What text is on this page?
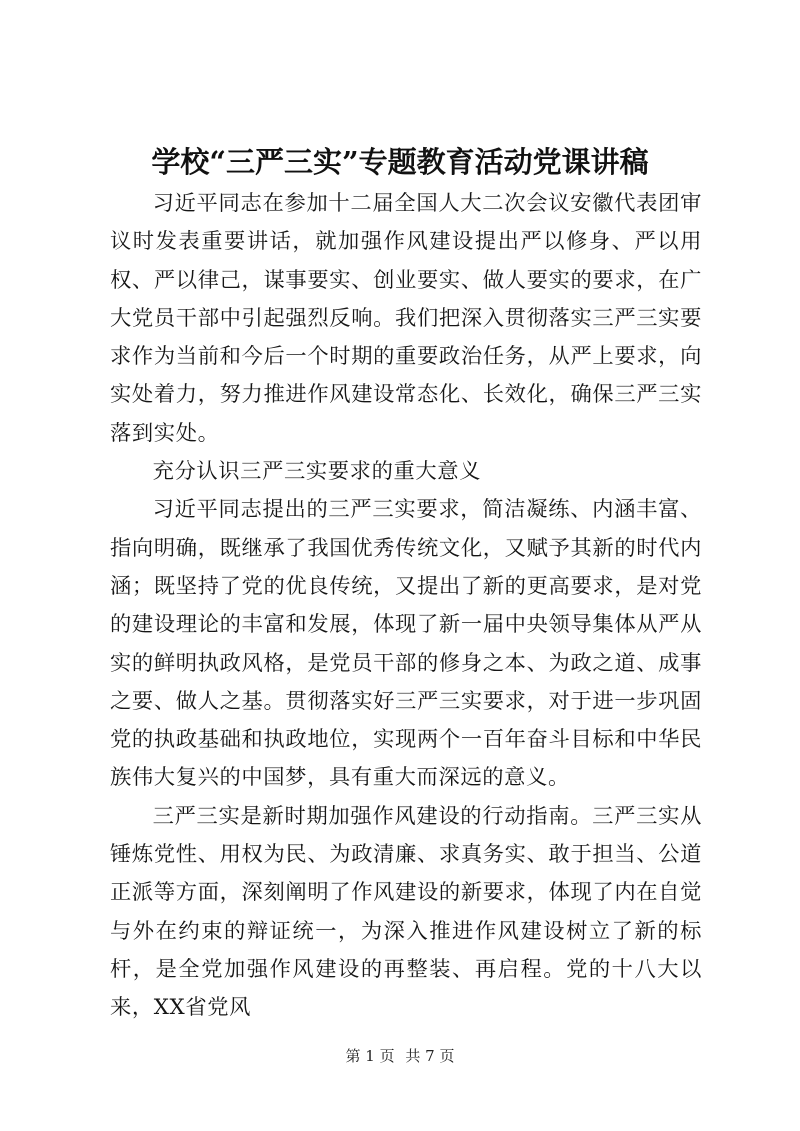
学校“三严三实”专题教育活动党课讲稿

习近平同志在参加十二届全国人大二次会议安徽代表团审议时发表重要讲话，就加强作风建设提出严以修身、严以用权、严以律己，谋事要实、创业要实、做人要实的要求，在广大党员干部中引起强烈反响。我们把深入贯彻落实三严三实要求作为当前和今后一个时期的重要政治任务，从严上要求，向实处着力，努力推进作风建设常态化、长效化，确保三严三实落到实处。

充分认识三严三实要求的重大意义

习近平同志提出的三严三实要求，简洁凝练、内涵丰富、指向明确，既继承了我国优秀传统文化，又赋予其新的时代内涵；既坚持了党的优良传统，又提出了新的更高要求，是对党的建设理论的丰富和发展，体现了新一届中央领导集体从严从实的鲜明执政风格，是党员干部的修身之本、为政之道、成事之要、做人之基。贯彻落实好三严三实要求，对于进一步巩固党的执政基础和执政地位，实现两个一百年奋斗目标和中华民族伟大复兴的中国梦，具有重大而深远的意义。

三严三实是新时期加强作风建设的行动指南。三严三实从锤炼党性、用权为民、为政清廉、求真务实、敢于担当、公道正派等方面，深刻阐明了作风建设的新要求，体现了内在自觉与外在约束的辩证统一，为深入推进作风建设树立了新的标杆，是全党加强作风建设的再整装、再启程。党的十八大以来，XX省党风

第 1 页 共 7 页
